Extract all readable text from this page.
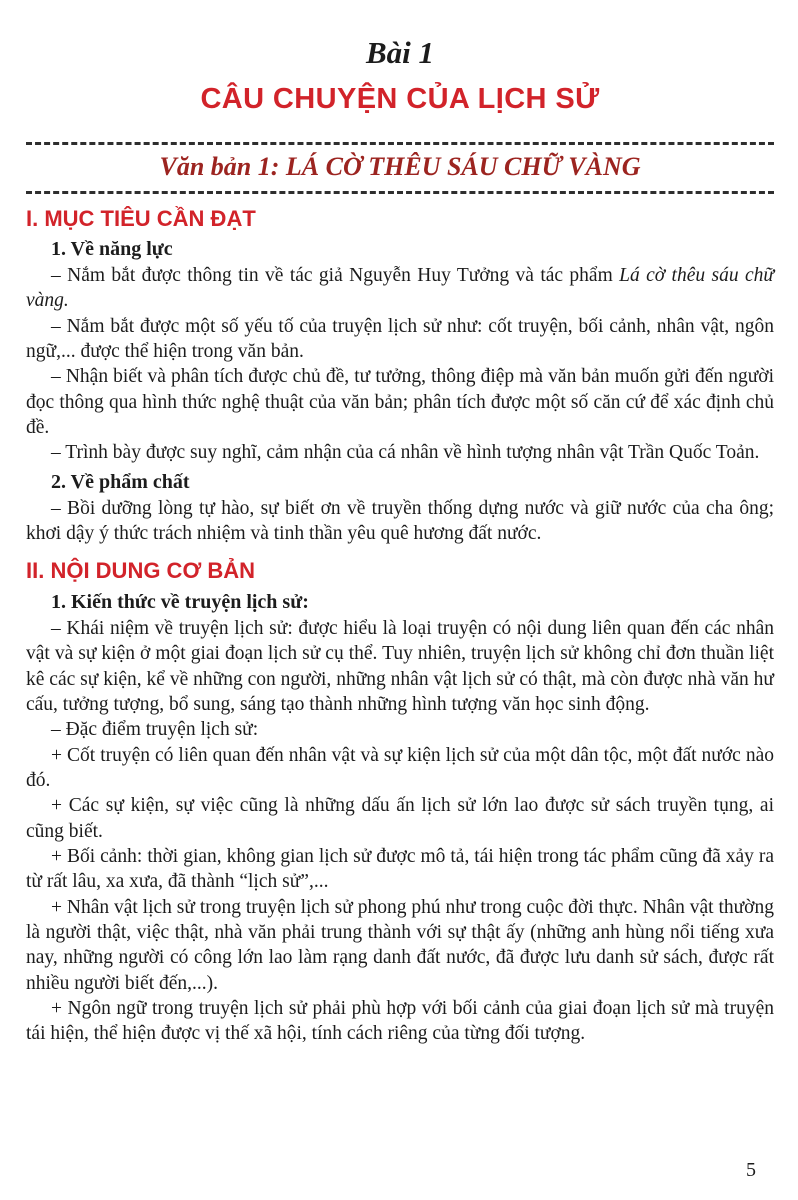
Bài 1
CÂU CHUYỆN CỦA LỊCH SỬ
Văn bản 1: LÁ CỜ THÊU SÁU CHỮ VÀNG
I. MỤC TIÊU CẦN ĐẠT
1. Về năng lực

– Nắm bắt được thông tin về tác giả Nguyễn Huy Tưởng và tác phẩm Lá cờ thêu sáu chữ vàng.

– Nắm bắt được một số yếu tố của truyện lịch sử như: cốt truyện, bối cảnh, nhân vật, ngôn ngữ,... được thể hiện trong văn bản.

– Nhận biết và phân tích được chủ đề, tư tưởng, thông điệp mà văn bản muốn gửi đến người đọc thông qua hình thức nghệ thuật của văn bản; phân tích được một số căn cứ để xác định chủ đề.

– Trình bày được suy nghĩ, cảm nhận của cá nhân về hình tượng nhân vật Trần Quốc Toản.

2. Về phẩm chất

– Bồi dưỡng lòng tự hào, sự biết ơn về truyền thống dựng nước và giữ nước của cha ông; khơi dậy ý thức trách nhiệm và tinh thần yêu quê hương đất nước.

II. NỘI DUNG CƠ BẢN
1. Kiến thức về truyện lịch sử:

– Khái niệm về truyện lịch sử: được hiểu là loại truyện có nội dung liên quan đến các nhân vật và sự kiện ở một giai đoạn lịch sử cụ thể. Tuy nhiên, truyện lịch sử không chỉ đơn thuần liệt kê các sự kiện, kể về những con người, những nhân vật lịch sử có thật, mà còn được nhà văn hư cấu, tưởng tượng, bổ sung, sáng tạo thành những hình tượng văn học sinh động.

– Đặc điểm truyện lịch sử:

+ Cốt truyện có liên quan đến nhân vật và sự kiện lịch sử của một dân tộc, một đất nước nào đó.

+ Các sự kiện, sự việc cũng là những dấu ấn lịch sử lớn lao được sử sách truyền tụng, ai cũng biết.

+ Bối cảnh: thời gian, không gian lịch sử được mô tả, tái hiện trong tác phẩm cũng đã xảy ra từ rất lâu, xa xưa, đã thành “lịch sử”,...

+ Nhân vật lịch sử trong truyện lịch sử phong phú như trong cuộc đời thực. Nhân vật thường là người thật, việc thật, nhà văn phải trung thành với sự thật ấy (những anh hùng nổi tiếng xưa nay, những người có công lớn lao làm rạng danh đất nước, đã được lưu danh sử sách, được rất nhiều người biết đến,...).

+ Ngôn ngữ trong truyện lịch sử phải phù hợp với bối cảnh của giai đoạn lịch sử mà truyện tái hiện, thể hiện được vị thế xã hội, tính cách riêng của từng đối tượng.

5
